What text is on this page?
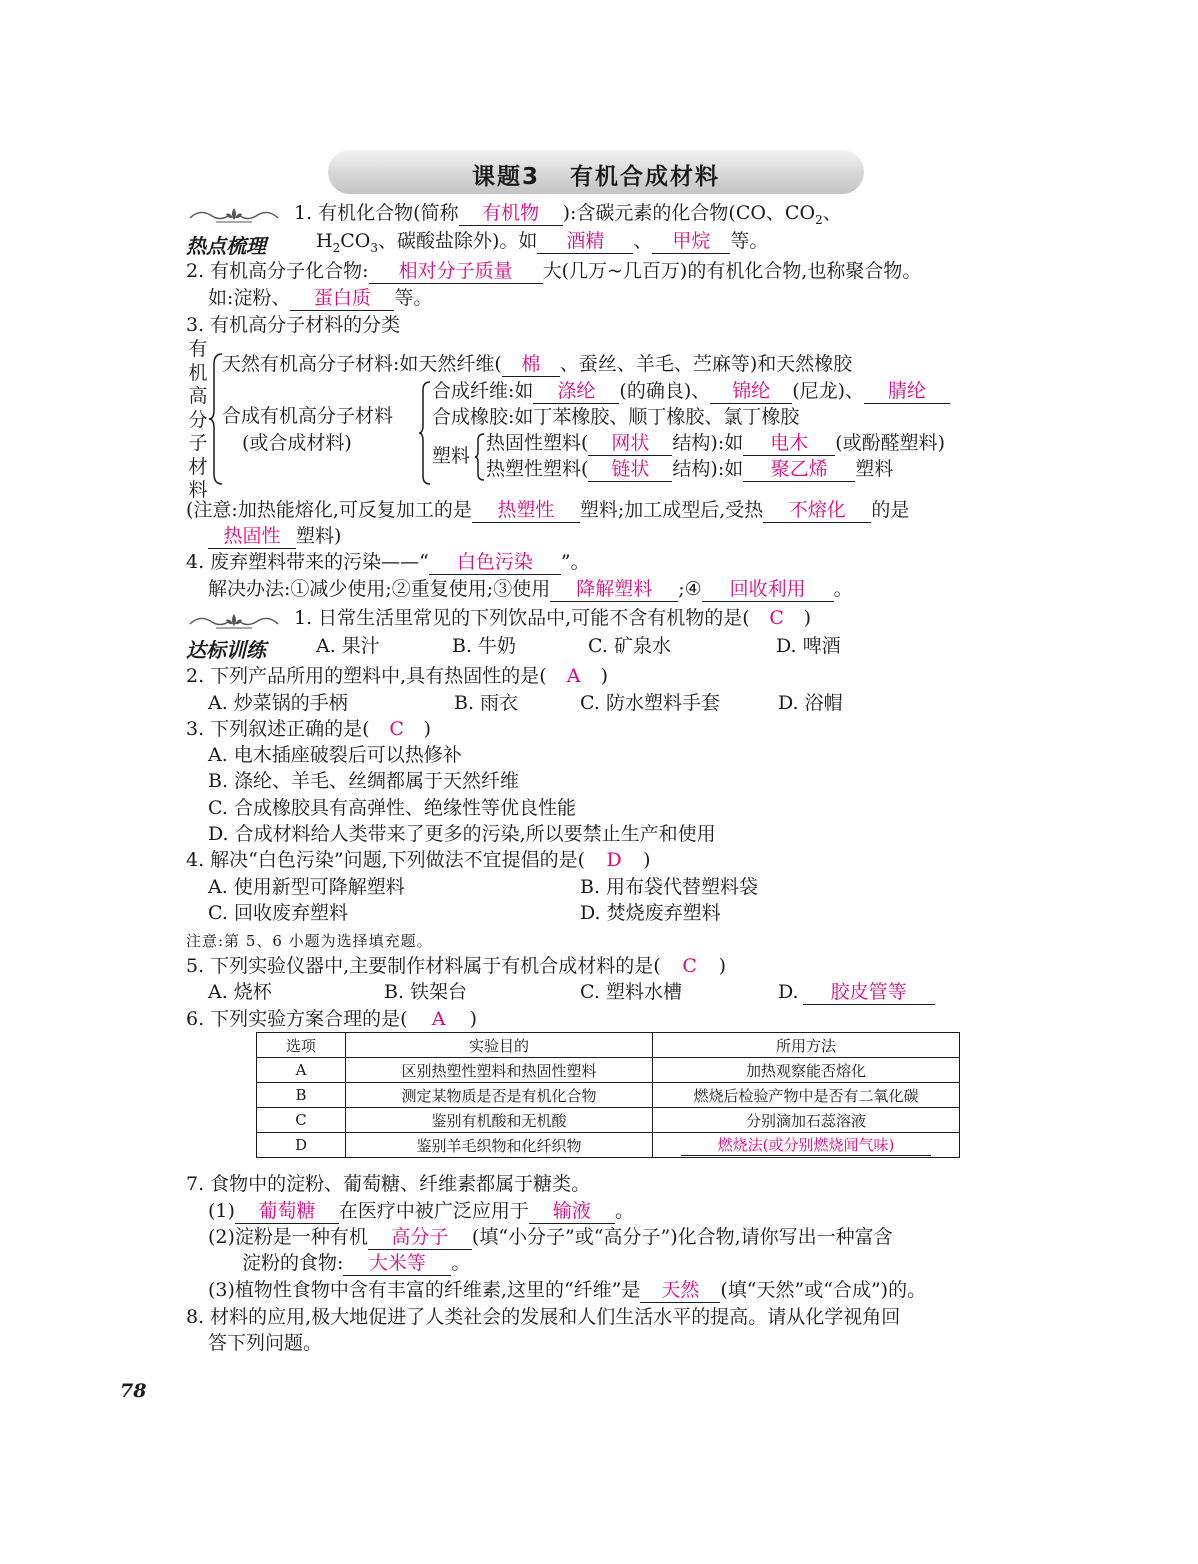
课题3 有机合成材料
热点梳理
1. 有机化合物(简称 有机物 ):含碳元素的化合物(CO、$CO_2$、
$H_2CO_3$、碳酸盐除外)。如 酒精 、 甲烷 等。
2. 有机高分子化合物: 相对分子质量 大(几万~几百万)的有机化合物,也称聚合物。
如:淀粉、 蛋白质 等。
3. 有机高分子材料的分类
有机高分子材料
天然有机高分子材料:如天然纤维( 棉 、蚕丝、羊毛、苎麻等)和天然橡胶
合成有机高分子材料
(或合成材料)
合成纤维:如 涤纶 (的确良)、 锦纶 (尼龙)、 腈纶
合成橡胶:如丁苯橡胶、顺丁橡胶、氯丁橡胶
塑料
热固性塑料( 网状 结构):如 电木 (或酚醛塑料)
热塑性塑料( 链状 结构):如 聚乙烯 塑料
(注意:加热能熔化,可反复加工的是 热塑性 塑料;加工成型后,受热 不熔化 的是
热固性 塑料)
4. 废弃塑料带来的污染——“ 白色污染 ”。
解决办法:①减少使用;②重复使用;③使用 降解塑料 ;④ 回收利用 。
达标训练
1. 日常生活里常见的下列饮品中,可能不含有机物的是( C )
A. 果汁	B. 牛奶	C. 矿泉水	D. 啤酒
2. 下列产品所用的塑料中,具有热固性的是( A )
A. 炒菜锅的手柄	B. 雨衣	C. 防水塑料手套	D. 浴帽
3. 下列叙述正确的是( C )
A. 电木插座破裂后可以热修补
B. 涤纶、羊毛、丝绸都属于天然纤维
C. 合成橡胶具有高弹性、绝缘性等优良性能
D. 合成材料给人类带来了更多的污染,所以要禁止生产和使用
4. 解决“白色污染”问题,下列做法不宜提倡的是( D )
A. 使用新型可降解塑料	B. 用布袋代替塑料袋
C. 回收废弃塑料	D. 焚烧废弃塑料
注意:第 5、6 小题为选择填充题。
5. 下列实验仪器中,主要制作材料属于有机合成材料的是( C )
A. 烧杯	B. 铁架台	C. 塑料水槽	D. 胶皮管等
6. 下列实验方案合理的是( A )
选项	实验目的	所用方法
A	区别热塑性塑料和热固性塑料	加热观察能否熔化
B	测定某物质是否是有机化合物	燃烧后检验产物中是否有二氧化碳
C	鉴别有机酸和无机酸	分别滴加石蕊溶液
D	鉴别羊毛织物和化纤织物	燃烧法(或分别燃烧闻气味)
7. 食物中的淀粉、葡萄糖、纤维素都属于糖类。
(1) 葡萄糖 在医疗中被广泛应用于 输液 。
(2)淀粉是一种有机 高分子 (填“小分子”或“高分子”)化合物,请你写出一种富含
淀粉的食物: 大米等 。
(3)植物性食物中含有丰富的纤维素,这里的“纤维”是 天然 (填“天然”或“合成”)的。
8. 材料的应用,极大地促进了人类社会的发展和人们生活水平的提高。请从化学视角回
答下列问题。
78
